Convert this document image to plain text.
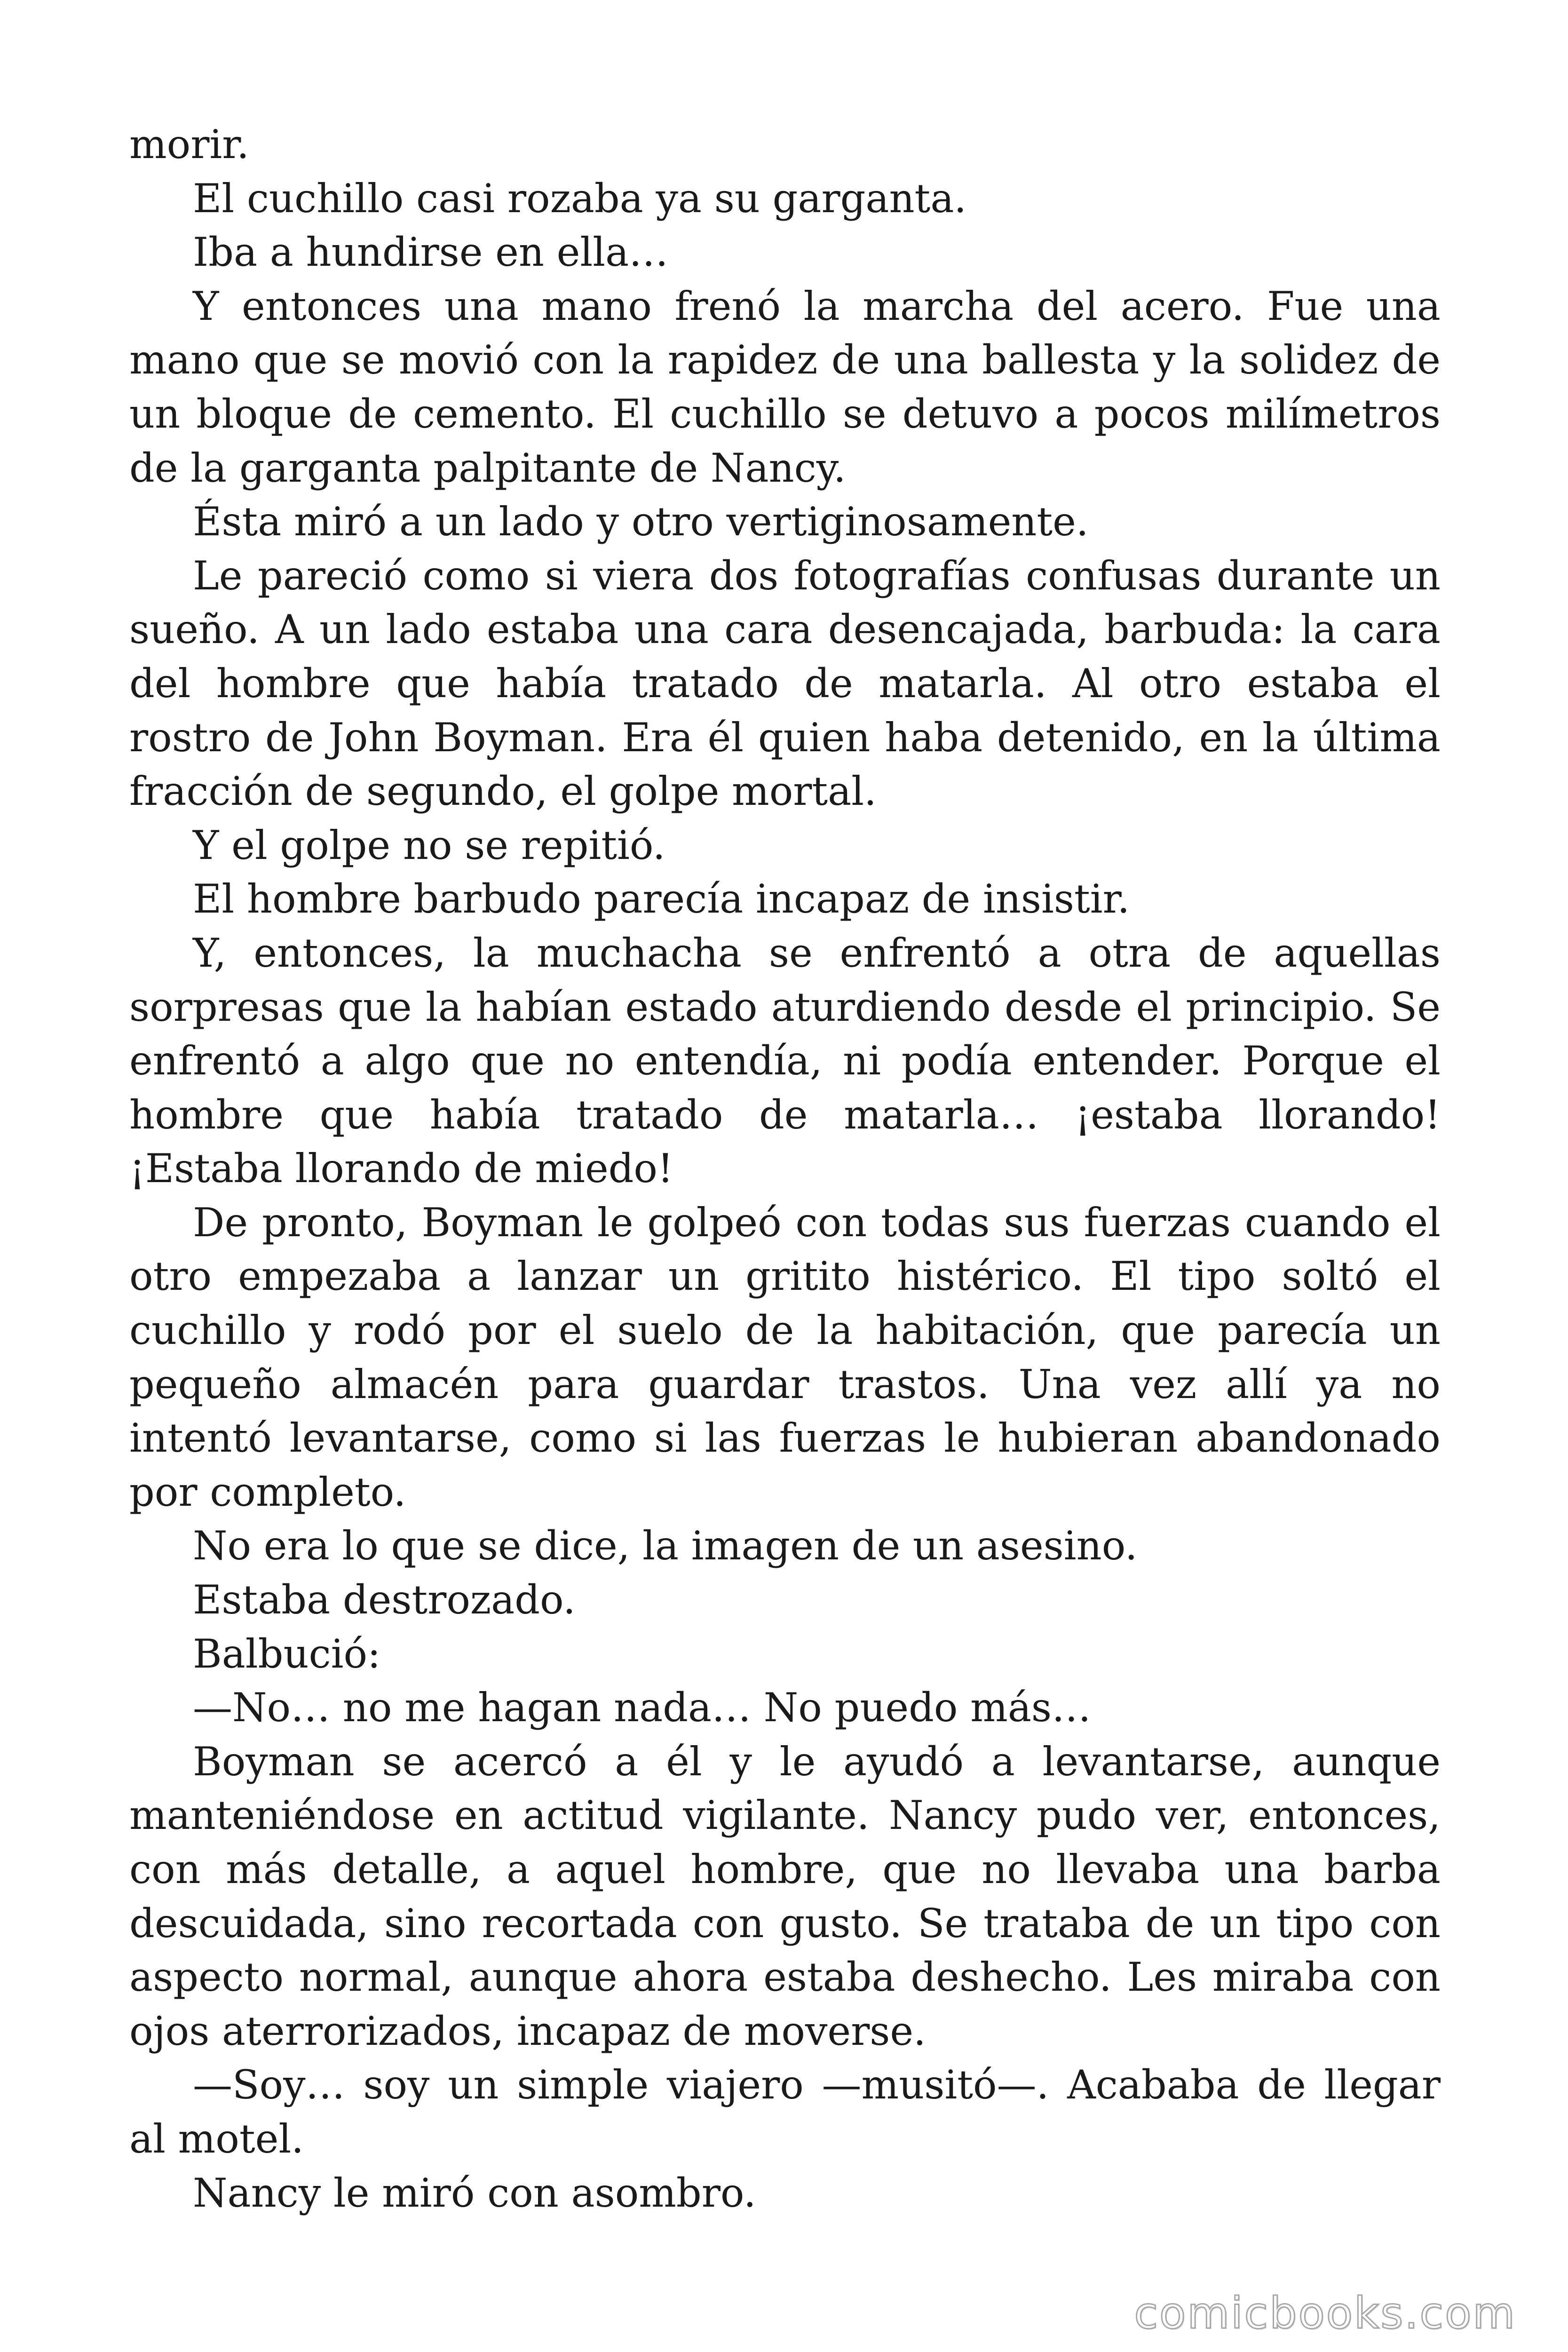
morir.

El cuchillo casi rozaba ya su garganta.

Iba a hundirse en ella…

Y entonces una mano frenó la marcha del acero. Fue una mano que se movió con la rapidez de una ballesta y la solidez de un bloque de cemento. El cuchillo se detuvo a pocos milímetros de la garganta palpitante de Nancy.

Ésta miró a un lado y otro vertiginosamente.

Le pareció como si viera dos fotografías confusas durante un sueño. A un lado estaba una cara desencajada, barbuda: la cara del hombre que había tratado de matarla. Al otro estaba el rostro de John Boyman. Era él quien haba detenido, en la última fracción de segundo, el golpe mortal.

Y el golpe no se repitió.

El hombre barbudo parecía incapaz de insistir.

Y, entonces, la muchacha se enfrentó a otra de aquellas sorpresas que la habían estado aturdiendo desde el principio. Se enfrentó a algo que no entendía, ni podía entender. Porque el hombre que había tratado de matarla… ¡estaba llorando! ¡Estaba llorando de miedo!

De pronto, Boyman le golpeó con todas sus fuerzas cuando el otro empezaba a lanzar un gritito histérico. El tipo soltó el cuchillo y rodó por el suelo de la habitación, que parecía un pequeño almacén para guardar trastos. Una vez allí ya no intentó levantarse, como si las fuerzas le hubieran abandonado por completo.

No era lo que se dice, la imagen de un asesino.

Estaba destrozado.

Balbució:

—No… no me hagan nada… No puedo más…

Boyman se acercó a él y le ayudó a levantarse, aunque manteniéndose en actitud vigilante. Nancy pudo ver, entonces, con más detalle, a aquel hombre, que no llevaba una barba descuidada, sino recortada con gusto. Se trataba de un tipo con aspecto normal, aunque ahora estaba deshecho. Les miraba con ojos aterrorizados, incapaz de moverse.

—Soy… soy un simple viajero —musitó—. Acababa de llegar al motel.

Nancy le miró con asombro.

comicbooks.com
